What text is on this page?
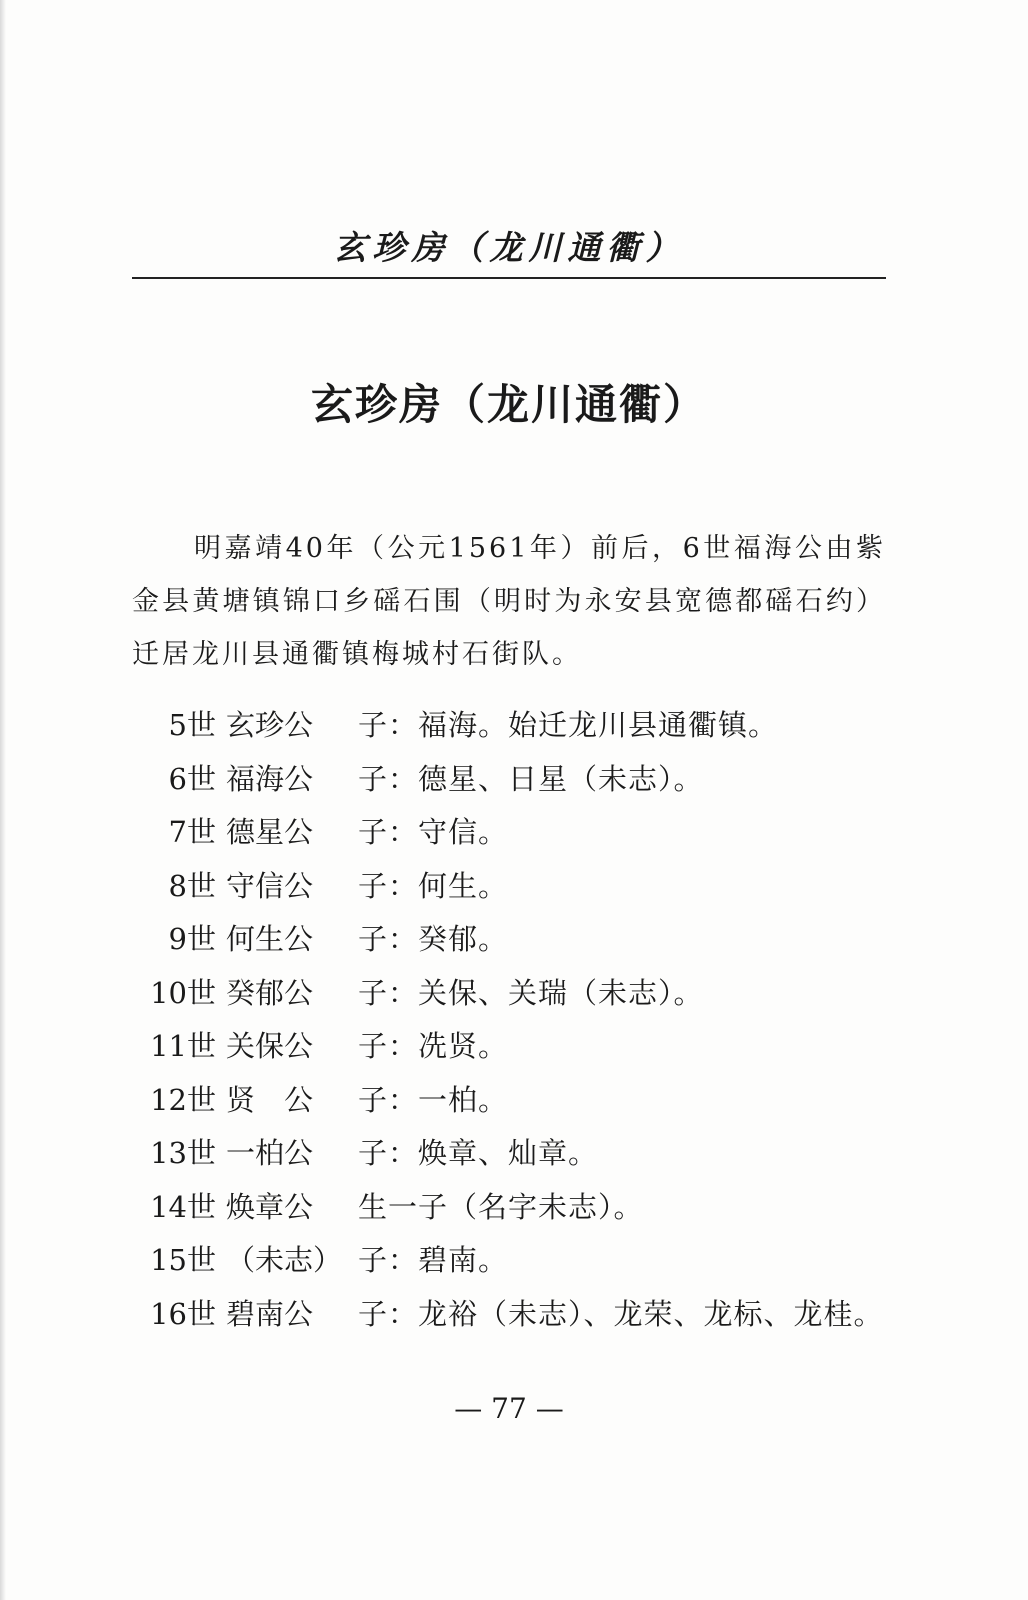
玄珍房（龙川通衢）
玄珍房（龙川通衢）

明嘉靖40年（公元1561年）前后，6世福海公由紫金县黄塘镇锦口乡磘石围（明时为永安县宽德都磘石约）迁居龙川县通衢镇梅城村石街队。

5世 玄珍公	子：福海。始迁龙川县通衢镇。
6世 福海公	子：德星、日星（未志）。
7世 德星公	子：守信。
8世 守信公	子：何生。
9世 何生公	子：癸郁。
10世 癸郁公	子：关保、关瑞（未志）。
11世 关保公	子：冼贤。
12世 贤　公	子：一柏。
13世 一柏公	子：焕章、灿章。
14世 焕章公	生一子（名字未志）。
15世 （未志） 子：碧南。
16世 碧南公	子：龙裕（未志）、龙荣、龙标、龙桂。
— 77 —
